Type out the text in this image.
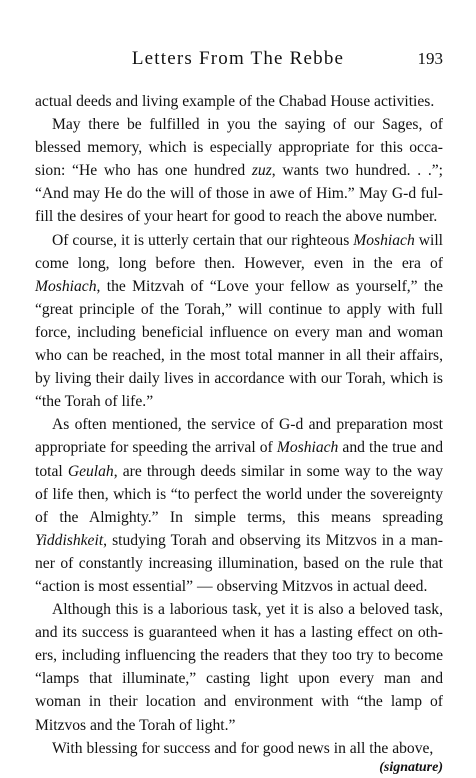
Letters From The Rebbe	193

actual deeds and living example of the Chabad House activities.

May there be fulfilled in you the saying of our Sages, of blessed memory, which is especially appropriate for this occasion: “He who has one hundred zuz, wants two hundred. . .”; “And may He do the will of those in awe of Him.” May G-d fulfill the desires of your heart for good to reach the above number.

Of course, it is utterly certain that our righteous Moshiach will come long, long before then. However, even in the era of Moshiach, the Mitzvah of “Love your fellow as yourself,” the “great principle of the Torah,” will continue to apply with full force, including beneficial influence on every man and woman who can be reached, in the most total manner in all their affairs, by living their daily lives in accordance with our Torah, which is “the Torah of life.”

As often mentioned, the service of G-d and preparation most appropriate for speeding the arrival of Moshiach and the true and total Geulah, are through deeds similar in some way to the way of life then, which is “to perfect the world under the sovereignty of the Almighty.” In simple terms, this means spreading Yiddishkeit, studying Torah and observing its Mitzvos in a manner of constantly increasing illumination, based on the rule that “action is most essential” — observing Mitzvos in actual deed.

Although this is a laborious task, yet it is also a beloved task, and its success is guaranteed when it has a lasting effect on others, including influencing the readers that they too try to become “lamps that illuminate,” casting light upon every man and woman in their location and environment with “the lamp of Mitzvos and the Torah of light.”

With blessing for success and for good news in all the above,

(signature)
